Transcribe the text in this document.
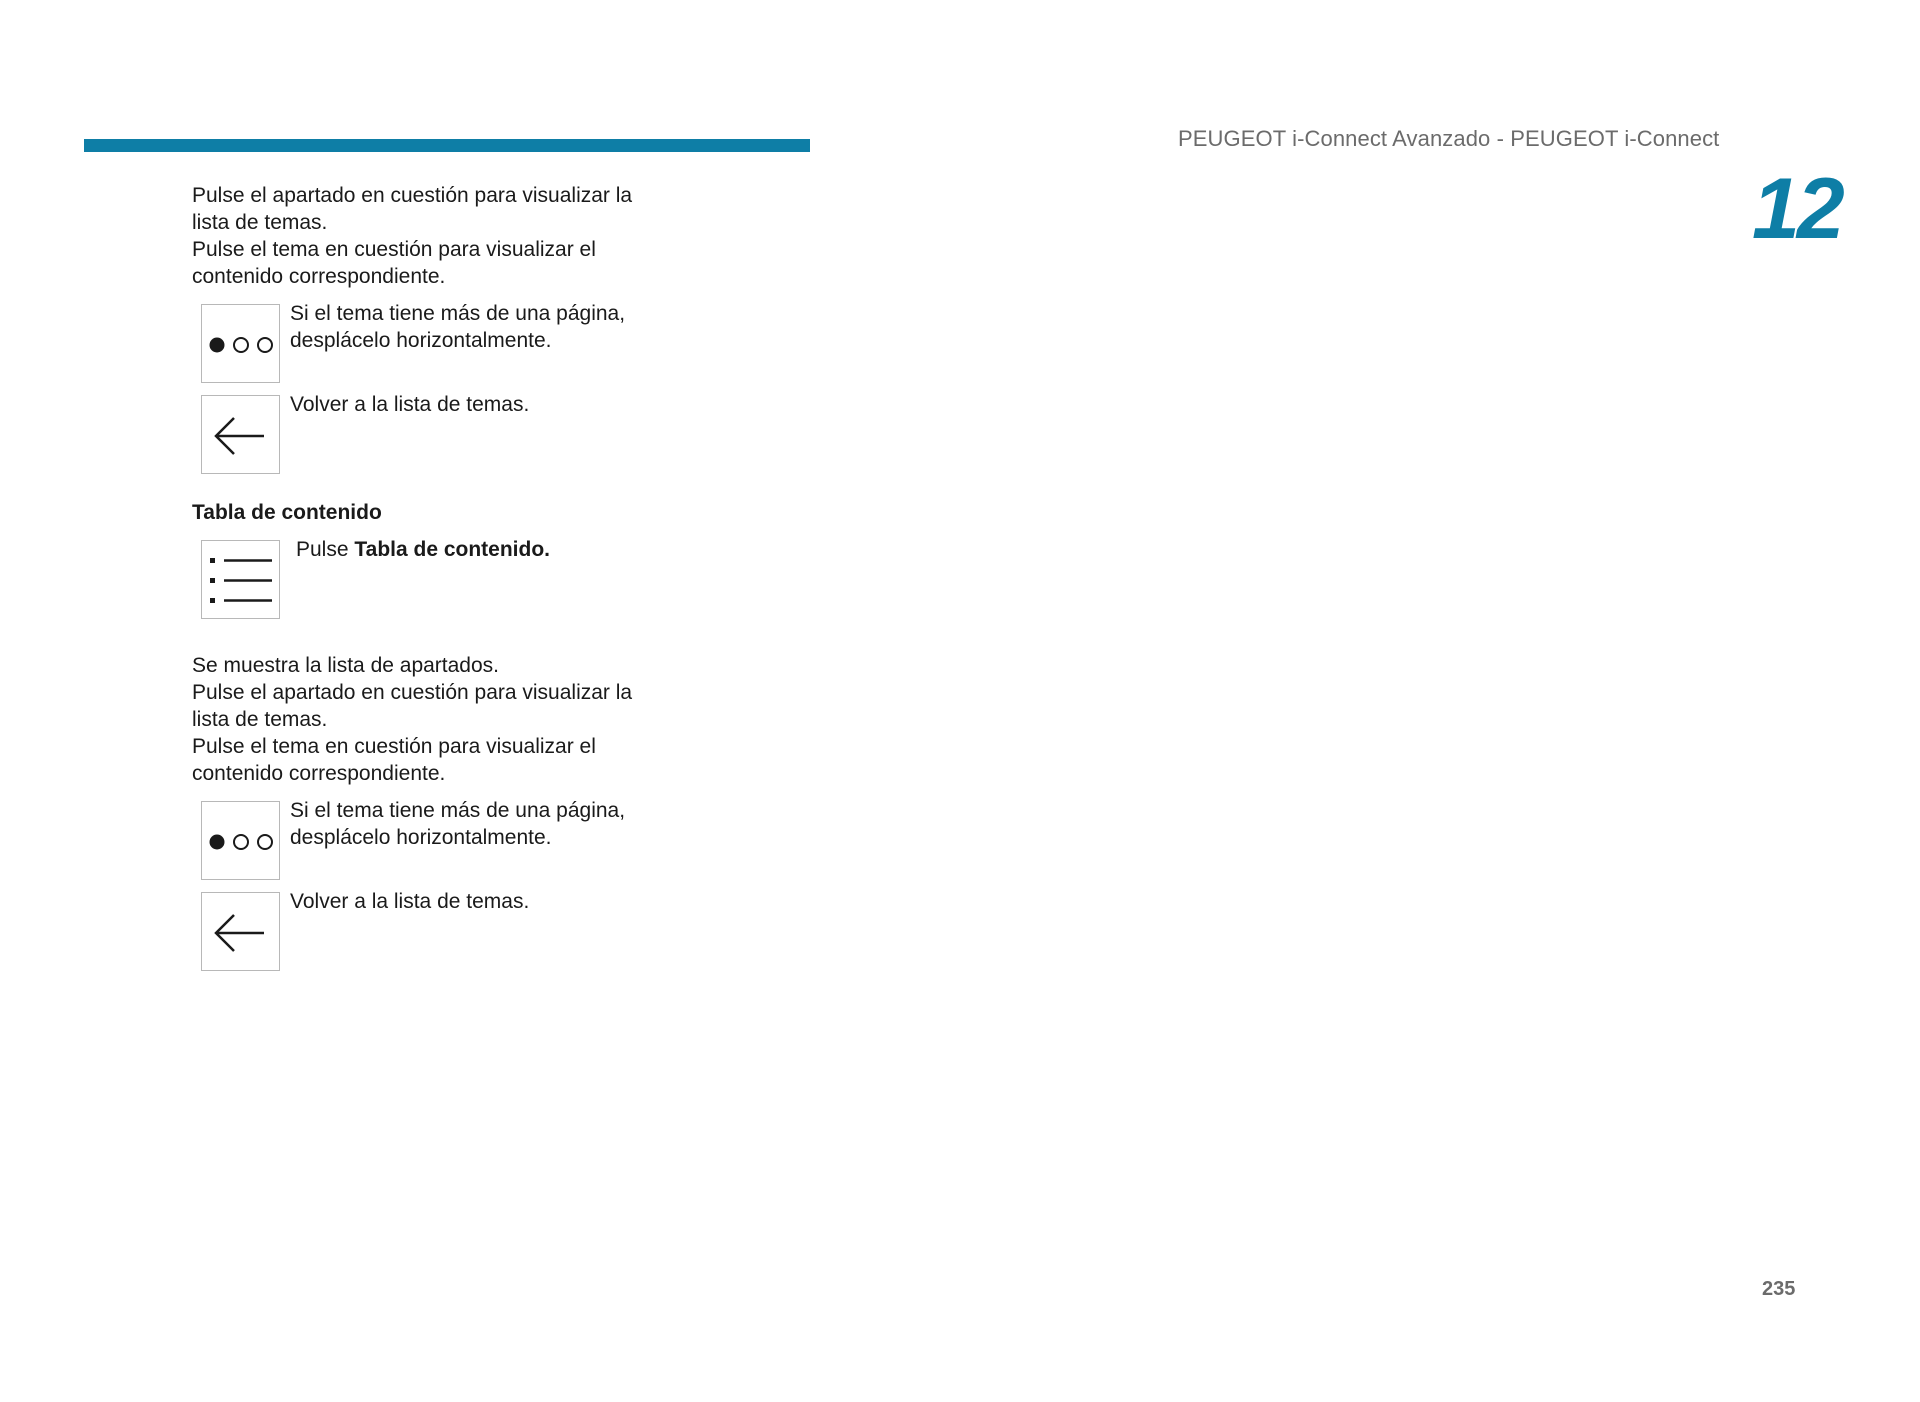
PEUGEOT i-Connect Avanzado - PEUGEOT i-Connect
12

Pulse el apartado en cuestión para visualizar la
lista de temas.
Pulse el tema en cuestión para visualizar el
contenido correspondiente.

Si el tema tiene más de una página,
desplácelo horizontalmente.
Volver a la lista de temas.

Tabla de contenido

Pulse Tabla de contenido.

Se muestra la lista de apartados.
Pulse el apartado en cuestión para visualizar la
lista de temas.
Pulse el tema en cuestión para visualizar el
contenido correspondiente.

Si el tema tiene más de una página,
desplácelo horizontalmente.
Volver a la lista de temas.
235
